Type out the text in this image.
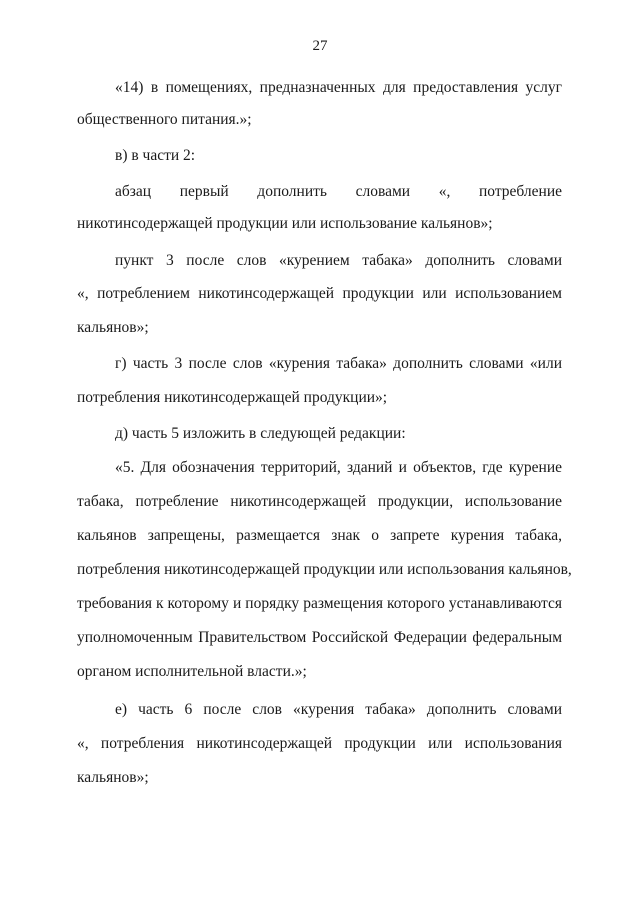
27
«14) в помещениях, предназначенных для предоставления услуг
общественного питания.»;
в) в части 2:
абзац первый дополнить словами «, потребление
никотинсодержащей продукции или использование кальянов»;
пункт 3 после слов «курением табака» дополнить словами
«, потреблением никотинсодержащей продукции или использованием
кальянов»;
г) часть 3 после слов «курения табака» дополнить словами «или
потребления никотинсодержащей продукции»;
д) часть 5 изложить в следующей редакции:
«5. Для обозначения территорий, зданий и объектов, где курение
табака, потребление никотинсодержащей продукции, использование
кальянов запрещены, размещается знак о запрете курения табака,
потребления никотинсодержащей продукции или использования кальянов,
требования к которому и порядку размещения которого устанавливаются
уполномоченным Правительством Российской Федерации федеральным
органом исполнительной власти.»;
е) часть 6 после слов «курения табака» дополнить словами
«, потребления никотинсодержащей продукции или использования
кальянов»;
